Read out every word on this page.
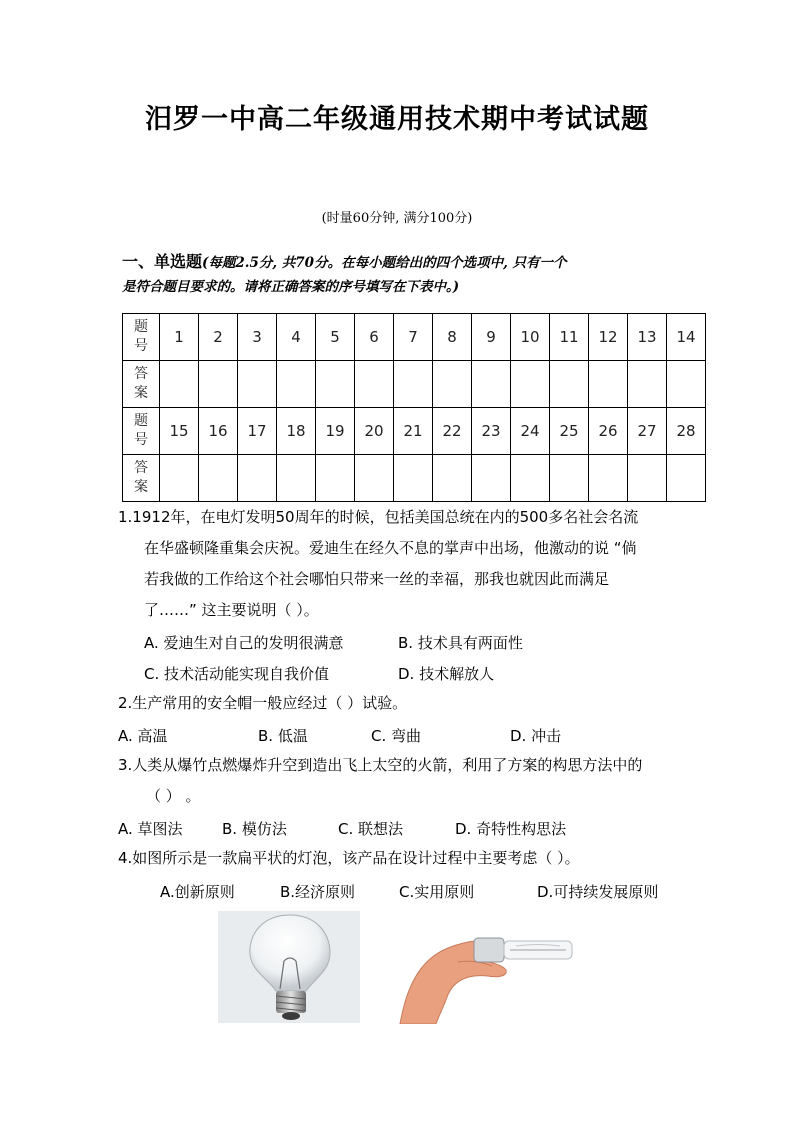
汨罗一中高二年级通用技术期中考试试题
(时量60分钟, 满分100分)
一、单选题(每题2.5分, 共70分。在每小题给出的四个选项中, 只有一个
是符合题目要求的。请将正确答案的序号填写在下表中。)
题
号	1	2	3	4	5	6	7	8	9	10	11	12	13	14

答
案														

题
号	15	16	17	18	19	20	21	22	23	24	25	26	27	28

答
案														

1.1912年，在电灯发明50周年的时候，包括美国总统在内的500多名社会名流

在华盛顿隆重集会庆祝。爱迪生在经久不息的掌声中出场，他激动的说 “倘
若我做的工作给这个社会哪怕只带来一丝的幸福，那我也就因此而满足
了……” 这主要说明（ ）。
A. 爱迪生对自己的发明很满意	B. 技术具有两面性
C. 技术活动能实现自我价值	D. 技术解放人
2.生产常用的安全帽一般应经过（ ）试验。
A. 高温	B. 低温	C. 弯曲	D. 冲击
3.人类从爆竹点燃爆炸升空到造出飞上太空的火箭，利用了方案的构思方法中的
（ ） 。
A. 草图法	B. 模仿法	C. 联想法	D. 奇特性构思法
4.如图所示是一款扁平状的灯泡，该产品在设计过程中主要考虑（ ）。
A.创新原则	B.经济原则	C.实用原则	D.可持续发展原则
